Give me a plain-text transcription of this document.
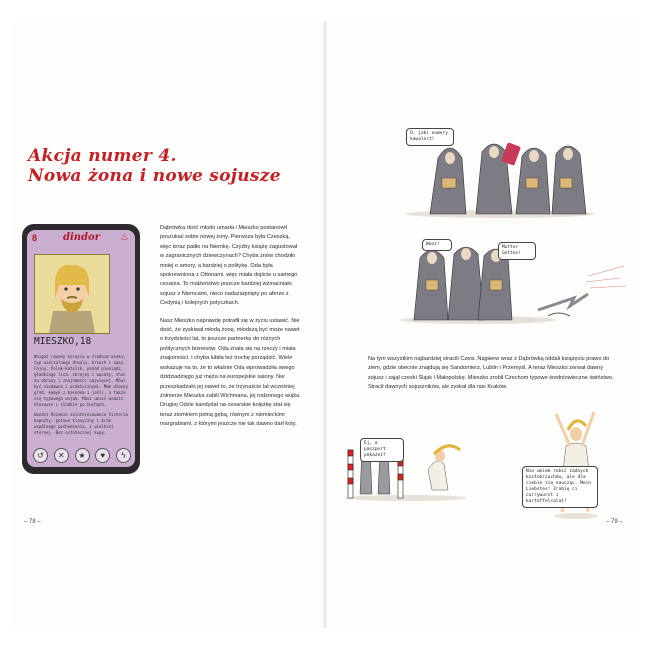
Akcja numer 4.
Nowa żona i nowe sojusze

Dąbrówka dość młodo umarła i Mieszko postanowił poszukać sobie nowej żony. Pierwsza była Czeszką, więc teraz padło na Niemkę. Czyżby książę zagustował w zagranicznych dziewczynach? Chyba znów chodziło mniej o amory, a bardziej o politykę. Oda była spokrewniona z Ottonami, więc miała dojście u samego cesarza. To małżeństwo jeszcze bardziej wzmacniało sojusz z Niemcami, nieco nadszarpnięty po aferze z Cedynią i kolejnych potyczkach.

Nasz Mieszko naprawdę potrafił się w życiu ustawić. Nie dość, że zyskiwał młodą żonę, młodszą być może nawet o trzydzieści lat, to jeszcze partnerkę do różnych politycznych biznesów. Oda znała się na rzeczy i miała znajomości. I chyba lubiła też trochę porządzić. Wiele wskazuje na to, że to właśnie Oda wprowadziła swego dzidziadzięgo już męża na europejskie salony. Nie przeszkadzało jej nawet to, że trzynaście lat wcześniej żołnierze Mieszka zabili Wichmana, jej rodzonego wujka. Drugiej Odzie kandydat na cesarskie kolężkę stał się teraz ziomkiem pełną gębą, równym z niemieckimi margrabiami, z którymi jeszcze nie tak dawno darł koty.

– 78 –
8	dindor ♨
MIESZKO,18

Wnigaż rawany księcia w średnim wieku, typ wierzalnego drwala, brzuch i wąsy. Fajny, Polak-katolik, ponad pieniądz, gładkiego lica, skrojny i wąsaty, choć na obrazy i znajomości najwięcej. Mówi być niedawno i praktycznymi. Mam własny gród, kamyk z basenem i jeśli, a także się typowego wojak. Masz umieć wodzić kłusowce i slodkie po buchach.

Uwodzi Rzimnie zainteresowanie historia kapuzty, gotowe klasyczny i brak wspólnego pochodzenia, z wielkiej sternej. Bez ostatecznej kupy.

↺	✕	★	♥	ϟ
O, jaki numery kawalerz!
Wooz!
Mutter Gottes!

Na tym wszystkim najbardziej stracili Czesi. Najpierw wraz z Dąbrówką oddali książęciu prawo do ziem, gdzie obecnie znajdują się Sandomierz, Lublin i Przemyśl. A teraz Mieszko zerwał dawny sojusz i zajął czeski Śląsk i Małopolskę. Mieszko zrobił Czechom typowe średniowieczne świństwo. Stracił dawnych sojuszników, ale zyskał dla nas Kraków.

Ej, a paszport pokażeż?
Nie umiem robić żadnych kozłobrzuchów, ale dla ciebie się naucząc. Mein Liebstes! Zrobię ci currywurst i kartoffelsalat!
– 79 –
